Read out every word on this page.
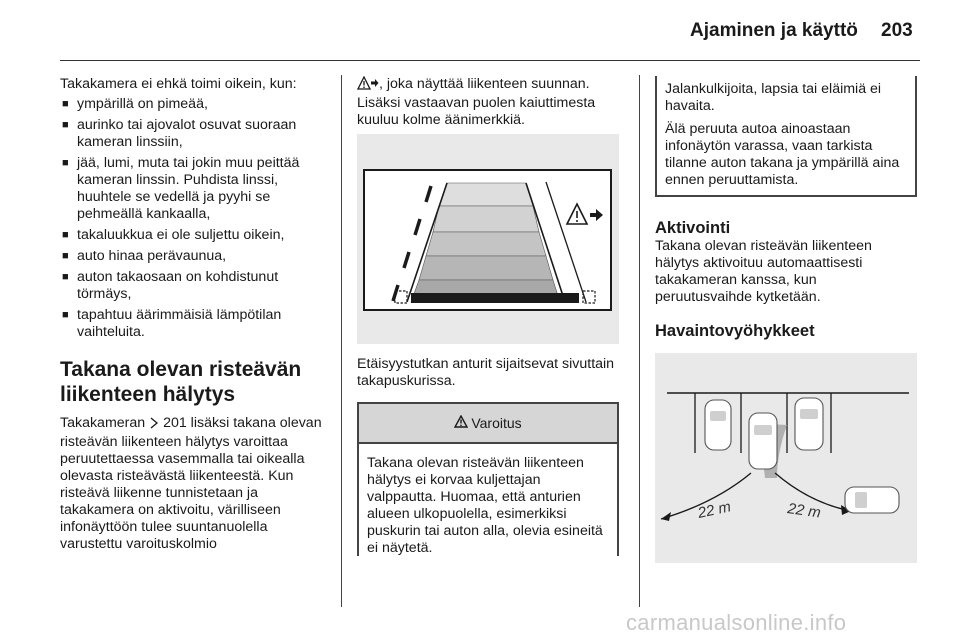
Ajaminen ja käyttö 203

Takakamera ei ehkä toimi oikein, kun:

■ ympärillä on pimeää,
■ aurinko tai ajovalot osuvat suoraan kameran linssiin,
■ jää, lumi, muta tai jokin muu peittää kameran linssin. Puhdista linssi, huuhtele se vedellä ja pyyhi se pehmeällä kankaalla,
■ takaluukkua ei ole suljettu oikein,
■ auto hinaa perävaunua,
■ auton takaosaan on kohdistunut törmäys,
■ tapahtuu äärimmäisiä lämpötilan vaihteluita.
Takana olevan risteävän liikenteen hälytys

Takakameran  201 lisäksi takana olevan risteävän liikenteen hälytys varoittaa peruutettaessa vasemmalla tai oikealla olevasta risteävästä liikenteestä. Kun risteävä liikenne tunnistetaan ja takakamera on aktivoitu, värilliseen infonäyttöön tulee suuntanuolella varustettu varoituskolmio

, joka näyttää liikenteen suunnan. Lisäksi vastaavan puolen kaiuttimesta kuuluu kolme äänimerkkiä.

Etäisyystutkan anturit sijaitsevat sivuttain takapuskurissa.

Varoitus

Takana olevan risteävän liikenteen hälytys ei korvaa kuljettajan valppautta. Huomaa, että anturien alueen ulkopuolella, esimerkiksi puskurin tai auton alla, olevia esineitä ei näytetä.

Jalankulkijoita, lapsia tai eläimiä ei havaita.

Älä peruuta autoa ainoastaan infonäytön varassa, vaan tarkista tilanne auton takana ja ympärillä aina ennen peruuttamista.

Aktivointi

Takana olevan risteävän liikenteen hälytys aktivoituu automaattisesti takakameran kanssa, kun peruutusvaihde kytketään.

Havaintovyöhykkeet
22 m	22 m
carmanualsonline.info
